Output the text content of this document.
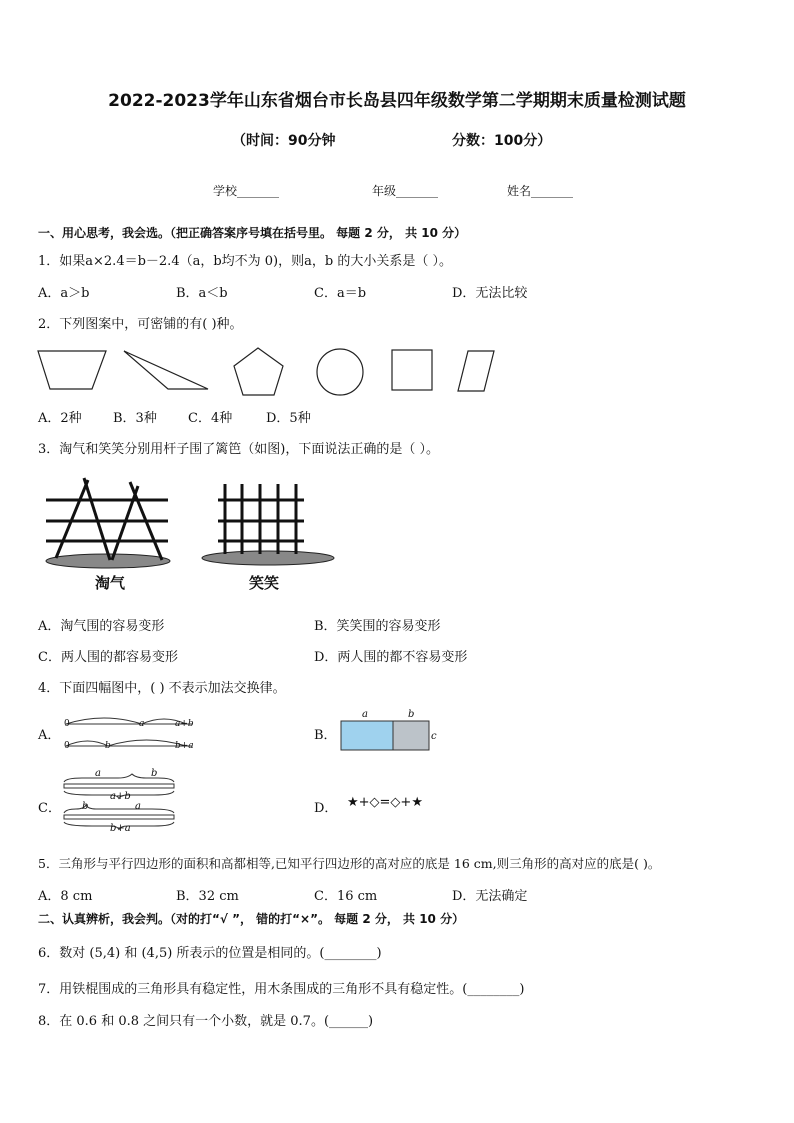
2022-2023学年山东省烟台市长岛县四年级数学第二学期期末质量检测试题
（时间：90分钟	分数：100分）
学校_______	年级_______	姓名_______
一、用心思考，我会选。（把正确答案序号填在括号里。 每题 2 分， 共 10 分）
1．如果a×2.4＝b－2.4（a，b均不为 0)，则a，b 的大小关系是（ ）。
A．a＞b	B．a＜b	C．a＝b	D．无法比较
2．下列图案中，可密铺的有( )种。
A．2种 B．3种 C．4种	D．5种
3．淘气和笑笑分别用杆子围了篱笆（如图)，下面说法正确的是（ ）。
淘气	笑笑
A．淘气围的容易变形	B．笑笑围的容易变形
C．两人围的都容易变形	D．两人围的都不容易变形
4．下面四幅图中，( ) 不表示加法交换律。
A．
0	a	a+b
0	b	b+a
B．
a	b
c
C．
a	b
a+b
b	a
b+a
D． ★+◇=◇+★
5．三角形与平行四边形的面积和高都相等,已知平行四边形的高对应的底是 16 cm,则三角形的高对应的底是( )。
A．8 cm	B．32 cm	C．16 cm	D．无法确定
二、认真辨析，我会判。（对的打“√ ”， 错的打“×”。 每题 2 分， 共 10 分）
6．数对 (5,4) 和 (4,5) 所表示的位置是相同的。(________)
7．用铁棍围成的三角形具有稳定性，用木条围成的三角形不具有稳定性。(________)
8．在 0.6 和 0.8 之间只有一个小数，就是 0.7。(______)
